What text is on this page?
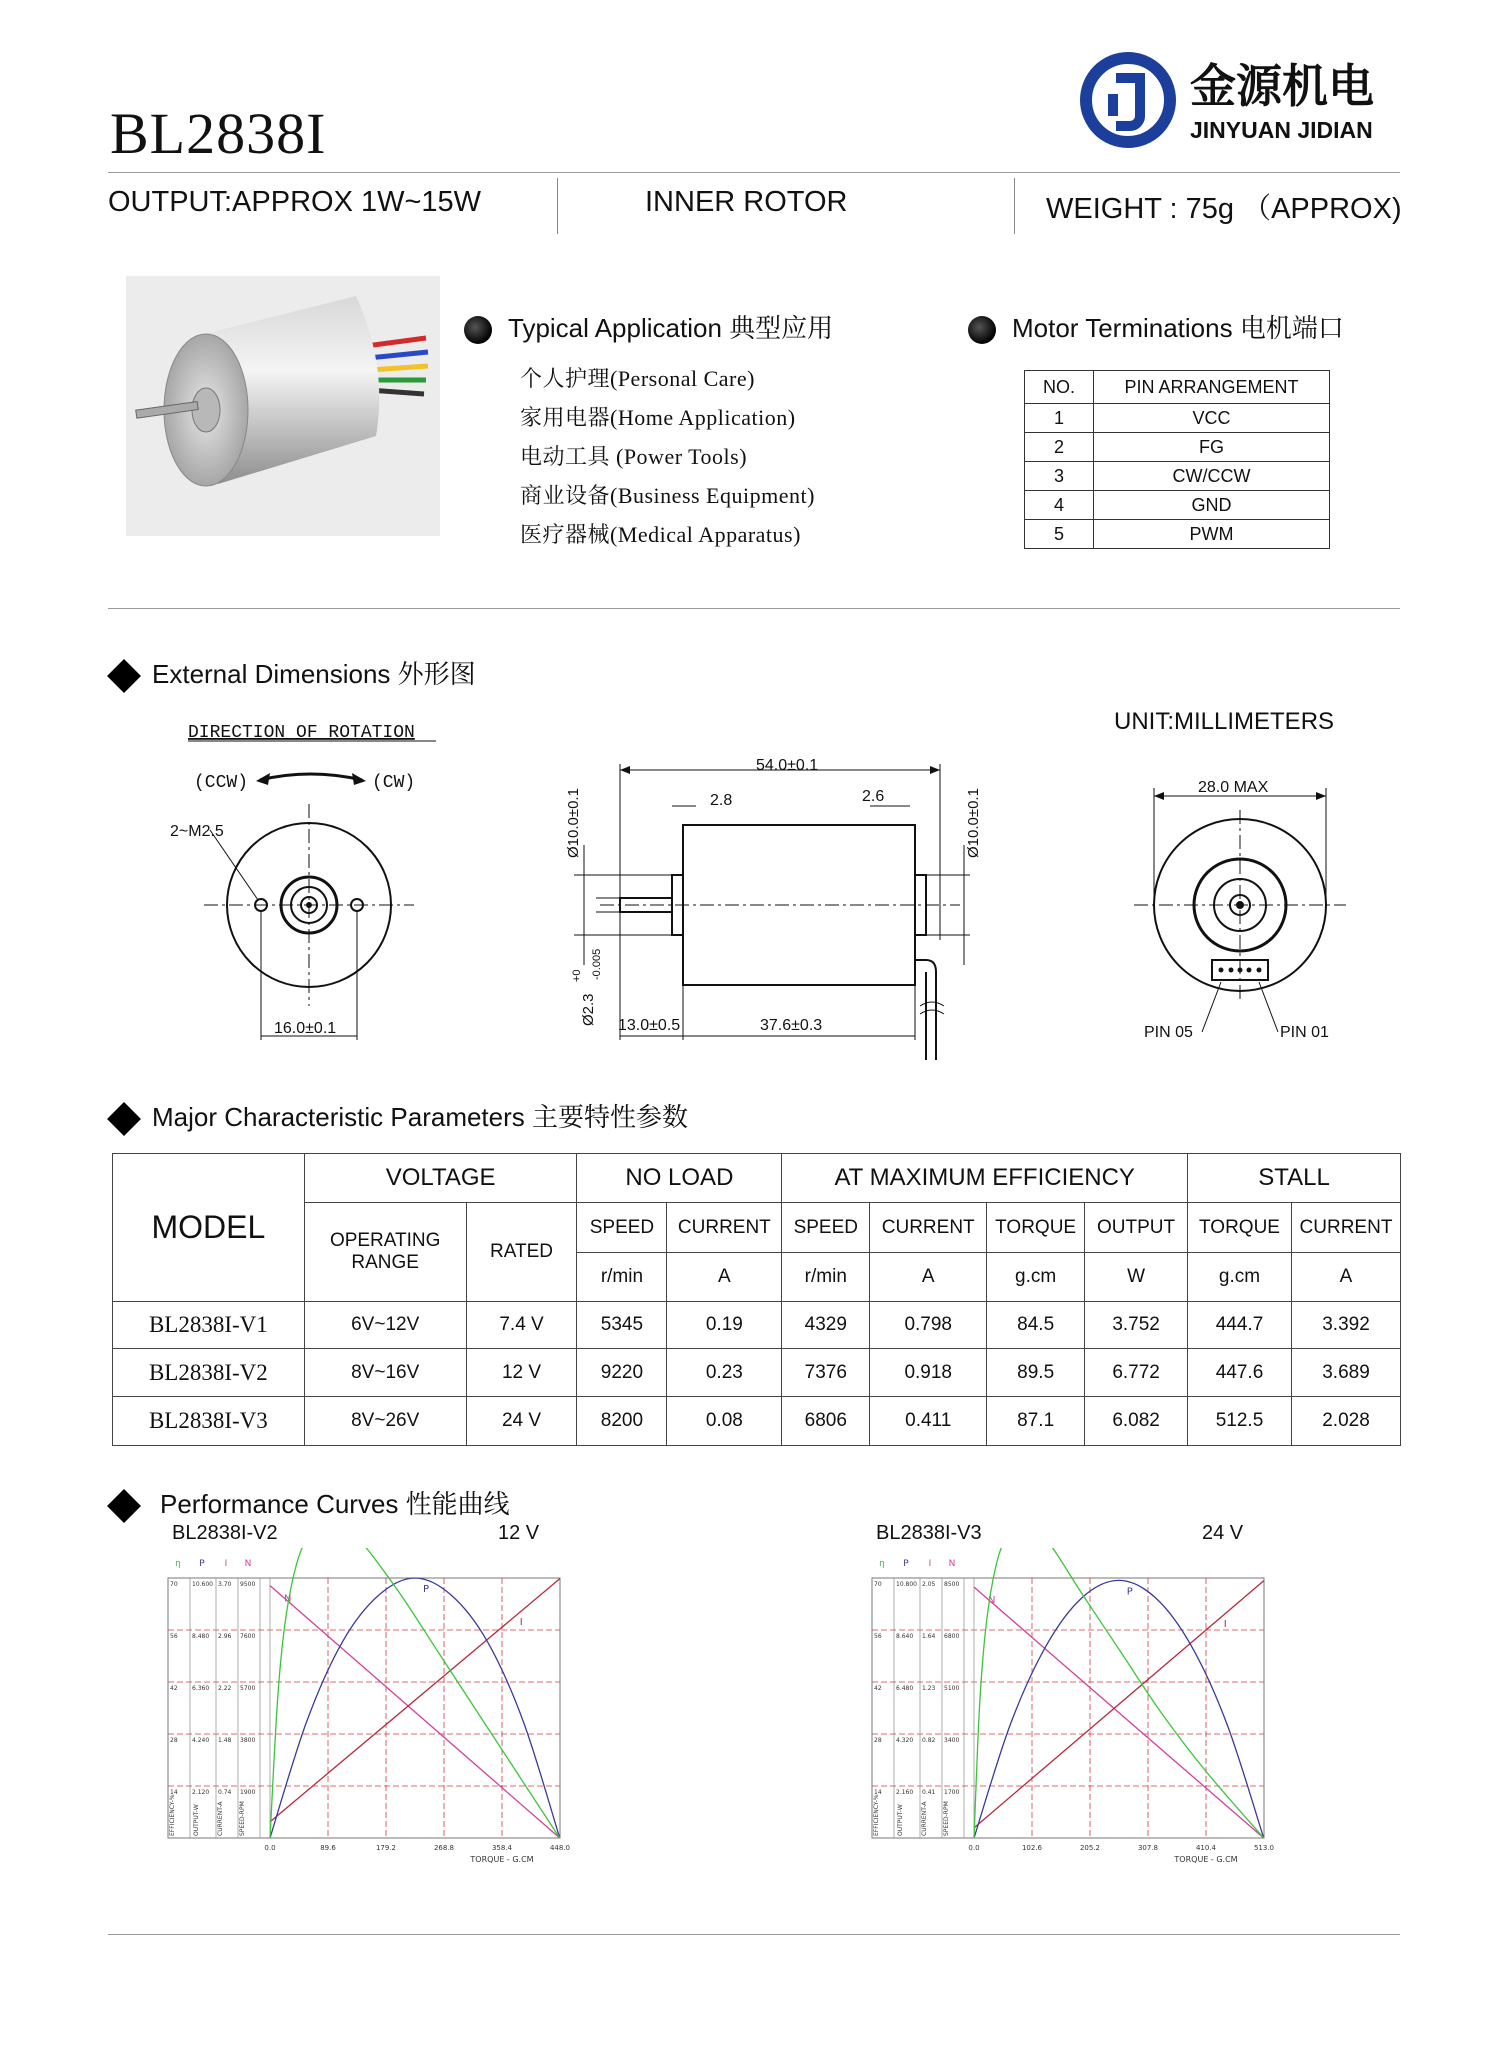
BL2838I
金源机电
JINYUAN JIDIAN
OUTPUT:APPROX 1W~15W	INNER ROTOR	WEIGHT : 75g （APPROX)
Typical Application 典型应用
个人护理(Personal Care)
家用电器(Home Application)
电动工具 (Power Tools)
商业设备(Business Equipment)
医疗器械(Medical Apparatus)
Motor Terminations 电机端口
NO.	PIN ARRANGEMENT
1	VCC
2	FG
3	CW/CCW
4	GND
5	PWM
External Dimensions 外形图
UNIT:MILLIMETERS
DIRECTION OF ROTATION
(CCW)	(CW)
2~M2.5
16.0±0.1
54.0±0.1
2.8	2.6
Ø10.0±0.1	Ø10.0±0.1
Ø2.3
+0 -0.005
13.0±0.5	37.6±0.3
28.0 MAX
PIN 05	PIN 01
Major Characteristic Parameters 主要特性参数
MODEL	VOLTAGE		NO LOAD		AT MAXIMUM EFFICIENCY				STALL	
	OPERATING RANGE	RATED	SPEED	CURRENT	SPEED	CURRENT	TORQUE	OUTPUT	TORQUE	CURRENT
			r/min	A	r/min	A	g.cm	W	g.cm	A
BL2838I-V1	6V~12V	7.4 V	5345	0.19	4329	0.798	84.5	3.752	444.7	3.392
BL2838I-V2	8V~16V	12 V	9220	0.23	7376	0.918	89.5	6.772	447.6	3.689
BL2838I-V3	8V~26V	24 V	8200	0.08	6806	0.411	87.1	6.082	512.5	2.028
Performance Curves 性能曲线
BL2838I-V2	12 V	BL2838I-V3	24 V
η P I N
70 10.600 3.70 9500
56 8.480 2.96 7600
42 6.360 2.22 5700
28 4.240 1.48 3800
14 2.120 0.74 1900
EFFICIENCY-%	OUTPUT-W	CURRENT-A	SPEED-RPM
0.0	89.6	179.2	268.8	358.4	448.0
TORQUE - G.CM
N
I
P
η P I N
70 10.800 2.05 8500
56 8.640 1.64 6800
42 6.480 1.23 5100
28 4.320 0.82 3400
14 2.160 0.41 1700
EFFICIENCY-%	OUTPUT-W	CURRENT-A	SPEED-RPM
0.0	102.6	205.2	307.8	410.4	513.0
TORQUE - G.CM
N
I
P
